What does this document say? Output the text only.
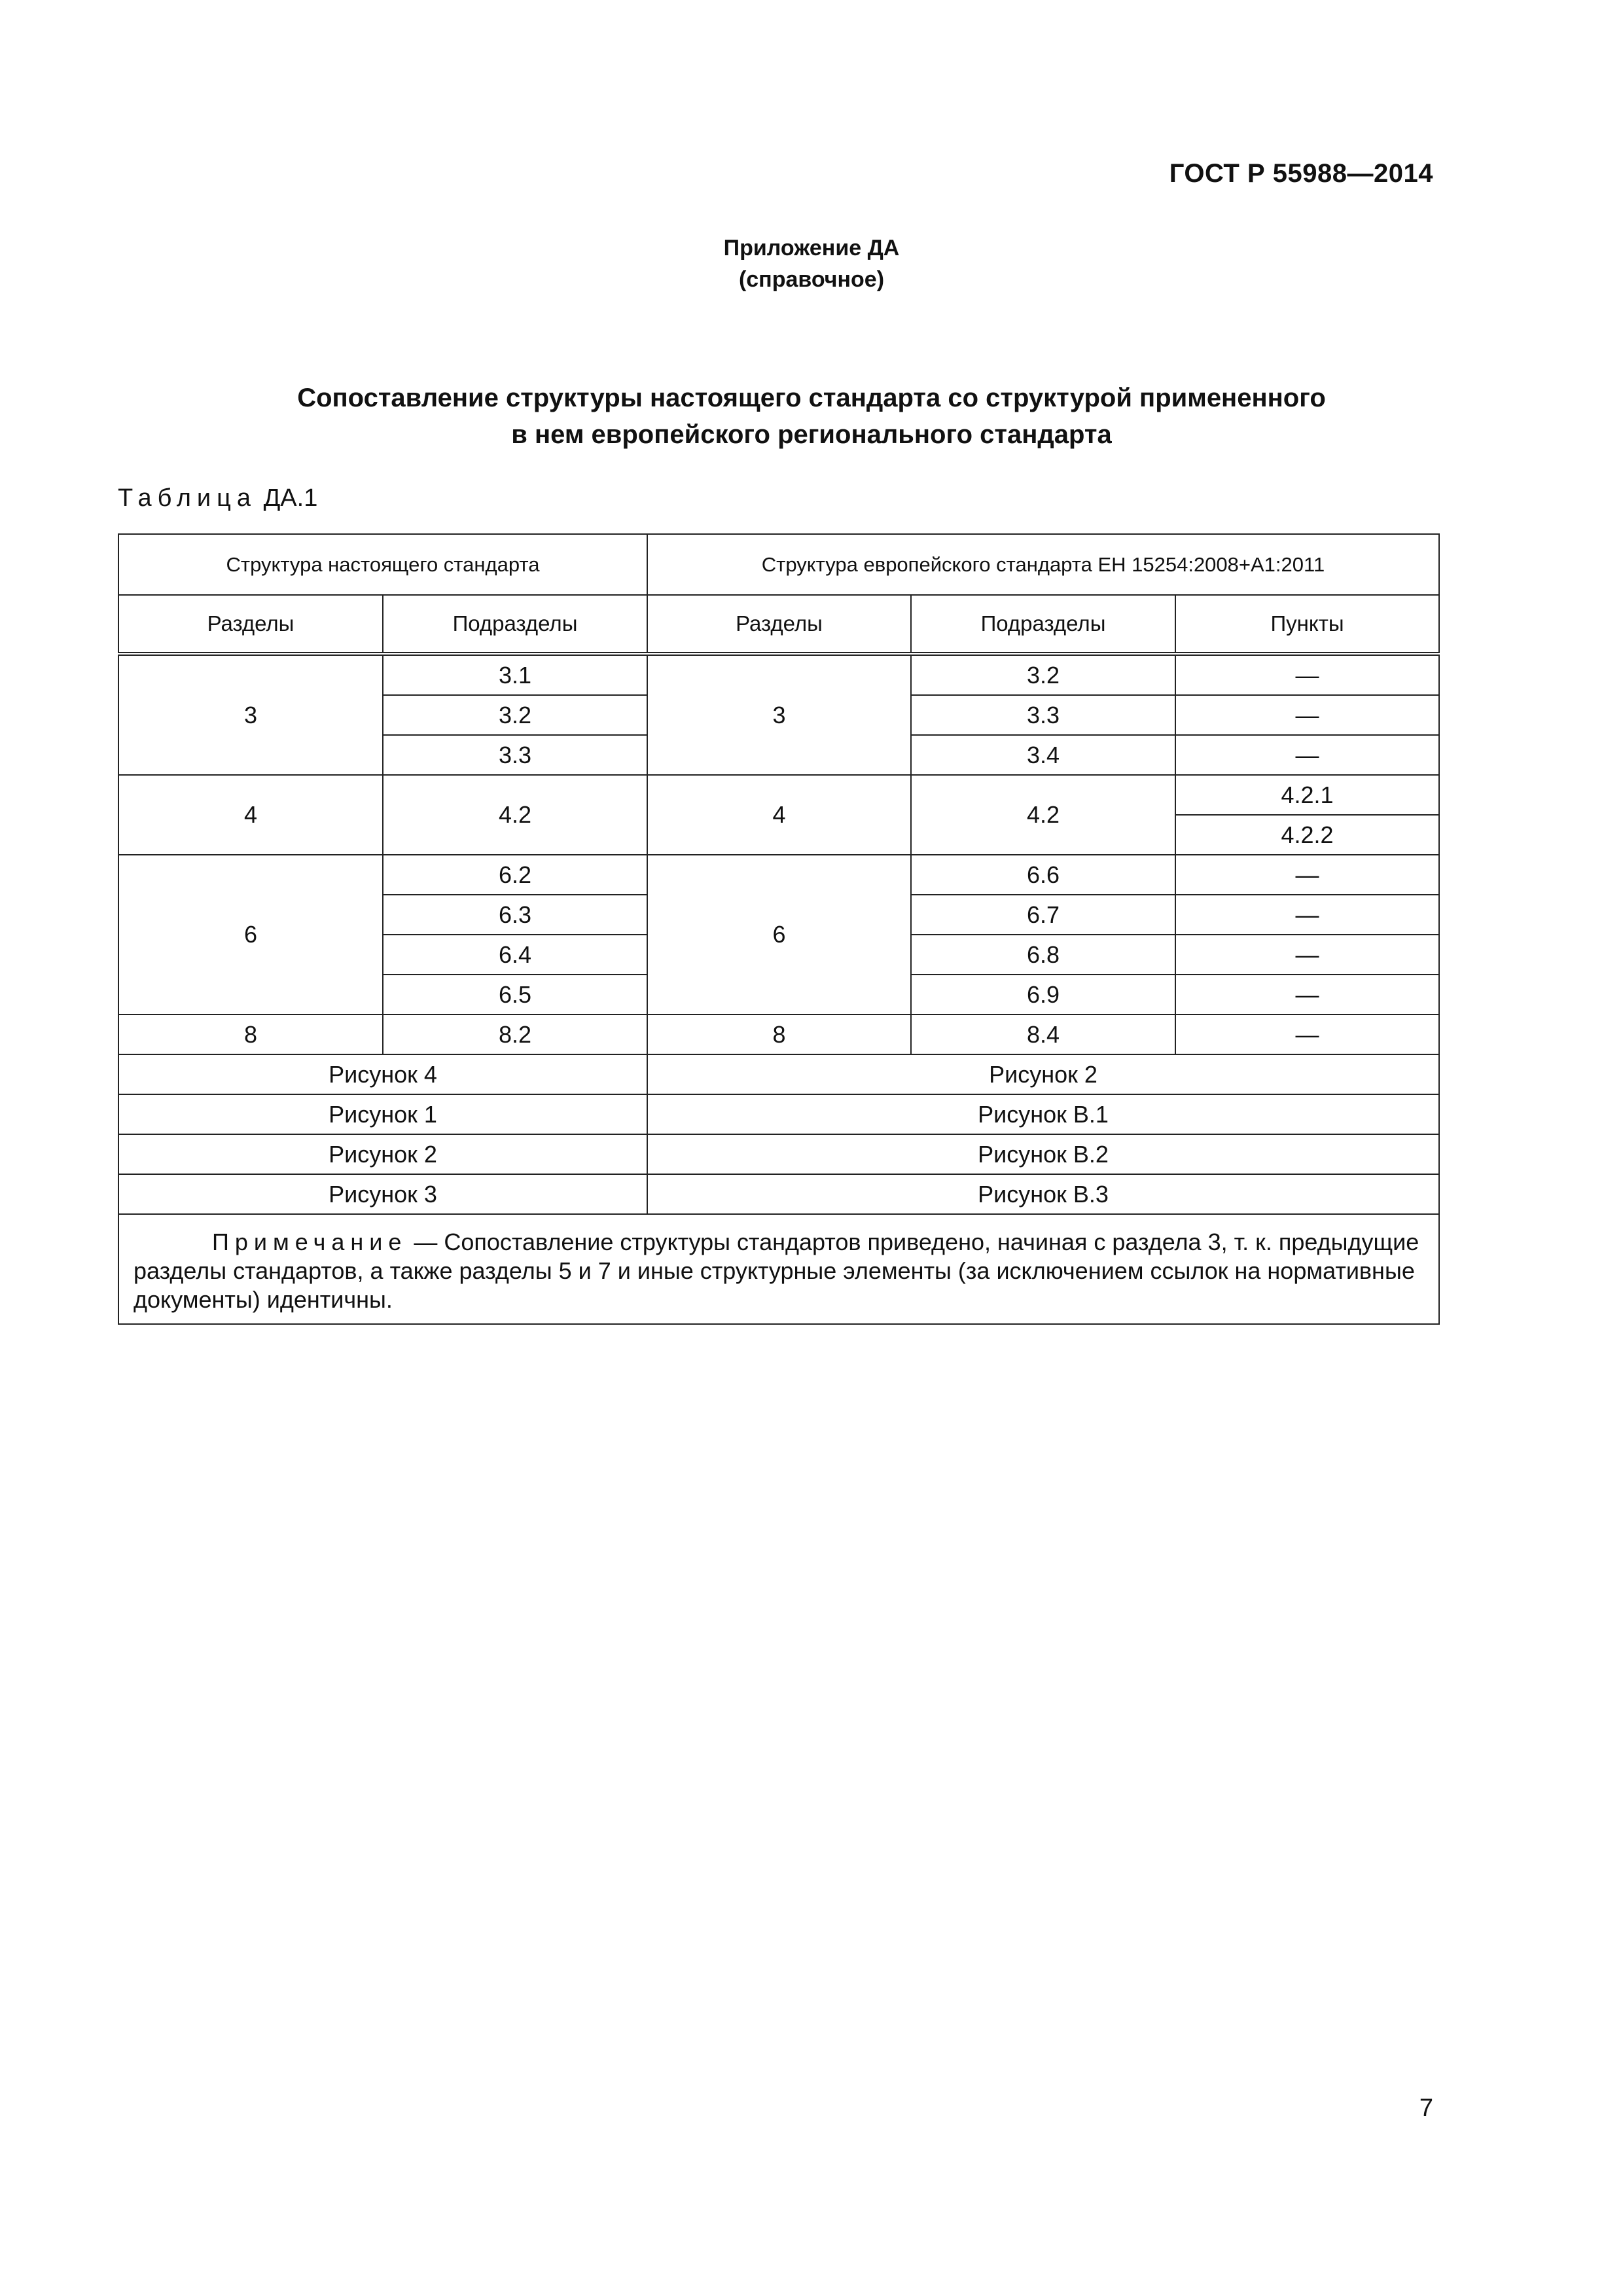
ГОСТ Р 55988—2014
Приложение ДА
(справочное)
Сопоставление структуры настоящего стандарта со структурой примененного
в нем европейского регионального стандарта
Таблица ДА.1
Структура настоящего стандарта		Структура европейского стандарта ЕН 15254:2008+А1:2011		
Разделы	Подразделы	Разделы	Подразделы	Пункты
3	3.1	3	3.2	—
	3.2		3.3	—
	3.3		3.4	—
4	4.2	4	4.2	4.2.1
				4.2.2
6	6.2	6	6.6	—
	6.3		6.7	—
	6.4		6.8	—
	6.5		6.9	—
8	8.2	8	8.4	—
Рисунок 4		Рисунок 2		
Рисунок 1		Рисунок В.1		
Рисунок 2		Рисунок В.2		
Рисунок 3		Рисунок В.3		
Примечание — Сопоставление структуры стандартов приведено, начиная с раздела 3, т. к. предыдущие разделы стандартов, а также разделы 5 и 7 и иные структурные элементы (за исключением ссылок на нормативные документы) идентичны.				
7
